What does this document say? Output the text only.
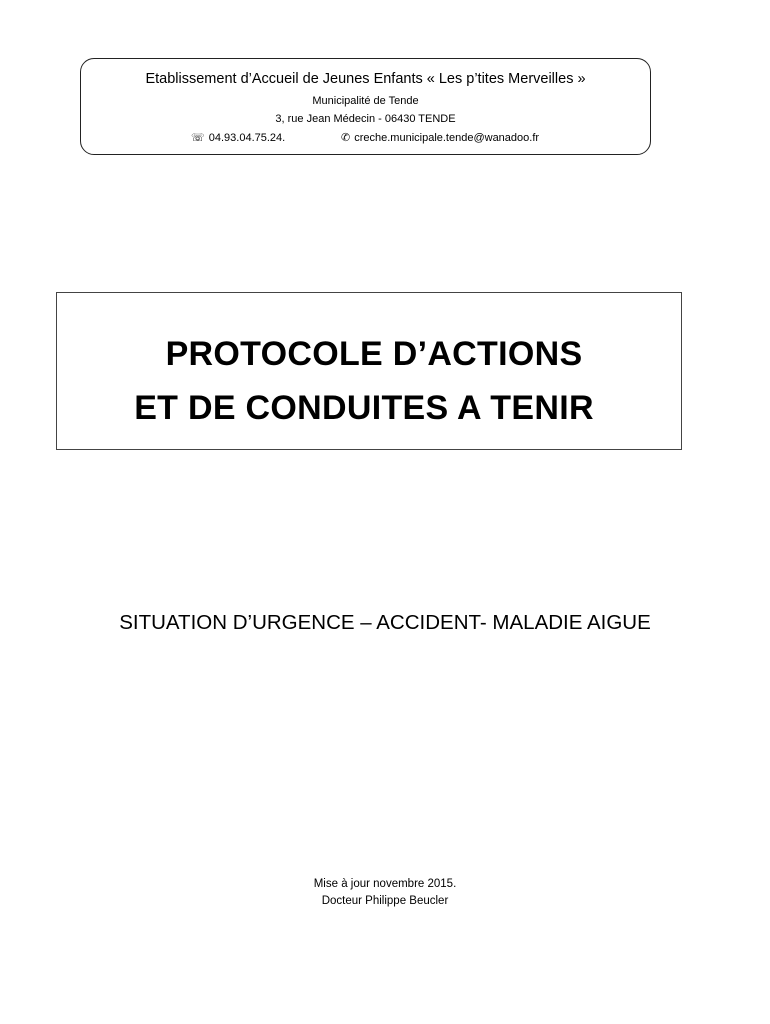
Etablissement d’Accueil de Jeunes Enfants « Les p’tites Merveilles »
Municipalité de Tende
3, rue Jean Médecin - 06430 TENDE
☏ 04.93.04.75.24.	✆ creche.municipale.tende@wanadoo.fr
PROTOCOLE D’ACTIONS
ET DE CONDUITES A TENIR
SITUATION D’URGENCE – ACCIDENT- MALADIE AIGUE
Mise à jour novembre 2015.
Docteur Philippe Beucler
